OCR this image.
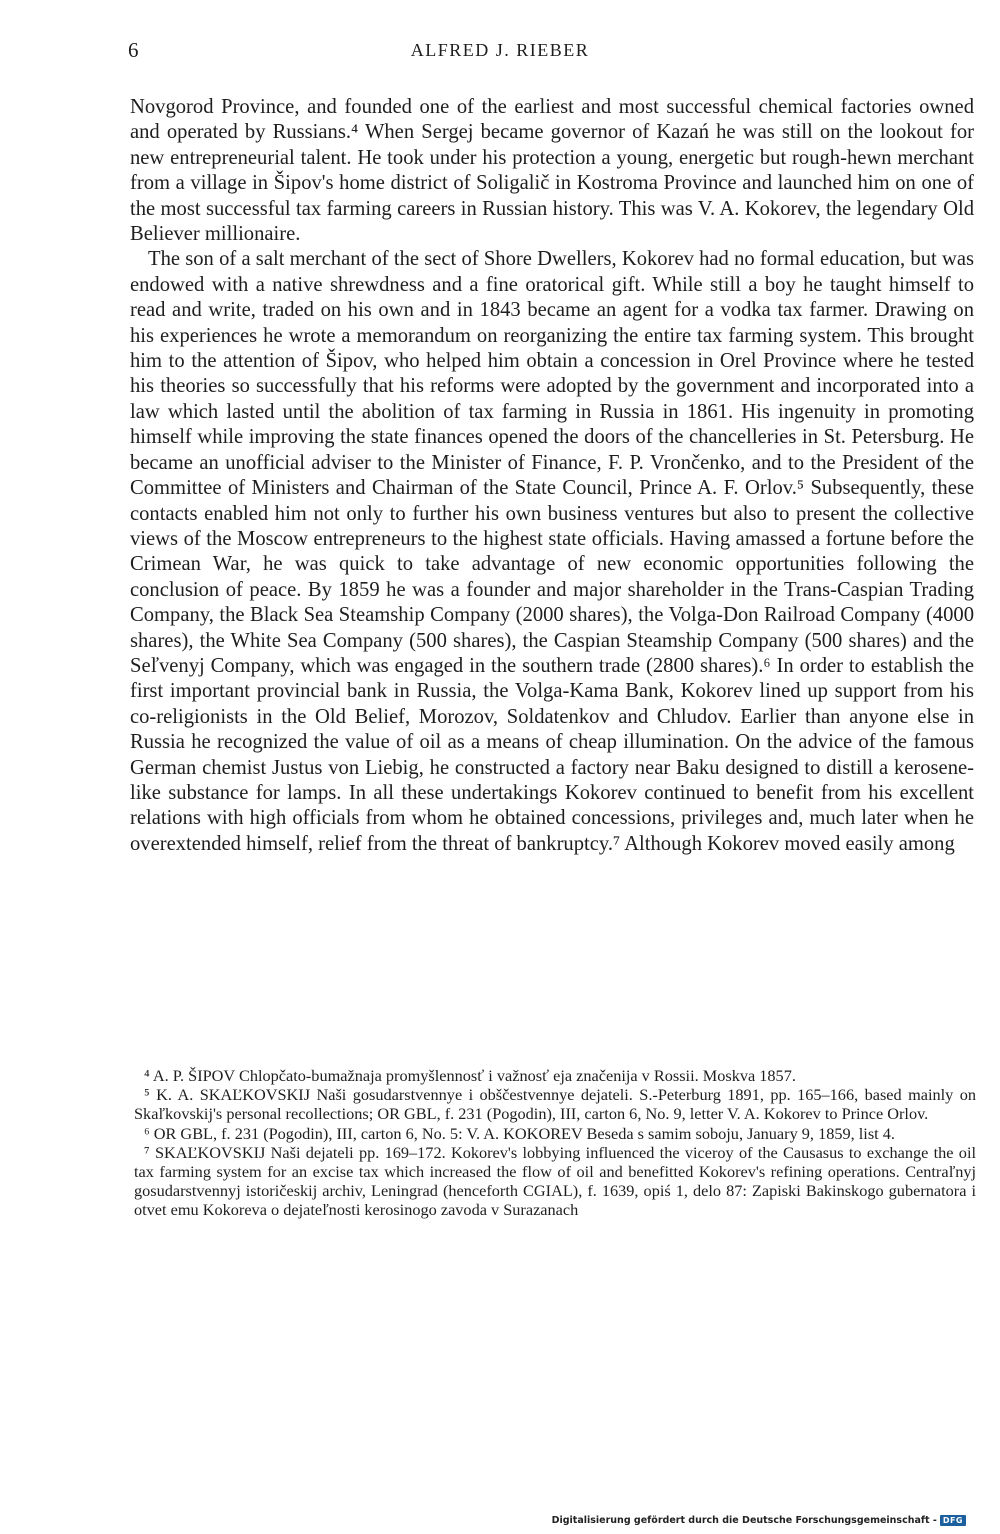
6	ALFRED J. RIEBER

Novgorod Province, and founded one of the earliest and most successful chemical factories owned and operated by Russians.⁴ When Sergej became governor of Kazań he was still on the lookout for new entrepreneurial talent. He took under his protection a young, energetic but rough-hewn merchant from a village in Šipov's home district of Soligalič in Kostroma Province and launched him on one of the most successful tax farming careers in Russian history. This was V. A. Kokorev, the legendary Old Believer millionaire.

The son of a salt merchant of the sect of Shore Dwellers, Kokorev had no formal education, but was endowed with a native shrewdness and a fine oratorical gift. While still a boy he taught himself to read and write, traded on his own and in 1843 became an agent for a vodka tax farmer. Drawing on his experiences he wrote a memorandum on reorganizing the entire tax farming system. This brought him to the attention of Šipov, who helped him obtain a concession in Orel Province where he tested his theories so successfully that his reforms were adopted by the government and incorporated into a law which lasted until the abolition of tax farming in Russia in 1861. His ingenuity in promoting himself while improving the state finances opened the doors of the chancelleries in St. Petersburg. He became an unofficial adviser to the Minister of Finance, F. P. Vrončenko, and to the President of the Committee of Ministers and Chairman of the State Council, Prince A. F. Orlov.⁵ Subsequently, these contacts enabled him not only to further his own business ventures but also to present the collective views of the Moscow entrepreneurs to the highest state officials. Having amassed a fortune before the Crimean War, he was quick to take advantage of new economic opportunities following the conclusion of peace. By 1859 he was a founder and major shareholder in the Trans-Caspian Trading Company, the Black Sea Steamship Company (2000 shares), the Volga-Don Railroad Company (4000 shares), the White Sea Company (500 shares), the Caspian Steamship Company (500 shares) and the Seľvenyj Company, which was engaged in the southern trade (2800 shares).⁶ In order to establish the first important provincial bank in Russia, the Volga-Kama Bank, Kokorev lined up support from his co-religionists in the Old Belief, Morozov, Soldatenkov and Chludov. Earlier than anyone else in Russia he recognized the value of oil as a means of cheap illumination. On the advice of the famous German chemist Justus von Liebig, he constructed a factory near Baku designed to distill a kerosene-like substance for lamps. In all these undertakings Kokorev continued to benefit from his excellent relations with high officials from whom he obtained concessions, privileges and, much later when he overextended himself, relief from the threat of bankruptcy.⁷ Although Kokorev moved easily among

⁴ A. P. ŠIPOV Chlopčato-bumažnaja promyšlennosť i važnosť eja značenija v Rossii. Moskva 1857.

⁵ K. A. SKAĽKOVSKIJ Naši gosudarstvennye i obščestvennye dejateli. S.-Peterburg 1891, pp. 165–166, based mainly on Skaľkovskij's personal recollections; OR GBL, f. 231 (Pogodin), III, carton 6, No. 9, letter V. A. Kokorev to Prince Orlov.

⁶ OR GBL, f. 231 (Pogodin), III, carton 6, No. 5: V. A. KOKOREV Beseda s samim soboju, January 9, 1859, list 4.

⁷ SKAĽKOVSKIJ Naši dejateli pp. 169–172. Kokorev's lobbying influenced the viceroy of the Causasus to exchange the oil tax farming system for an excise tax which increased the flow of oil and benefitted Kokorev's refining operations. Centraľnyj gosudarstvennyj istoričeskij archiv, Leningrad (henceforth CGIAL), f. 1639, opiś 1, delo 87: Zapiski Bakinskogo gubernatora i otvet emu Kokoreva o dejateľnosti kerosinogo zavoda v Surazanach

Digitalisierung gefördert durch die Deutsche Forschungsgemeinschaft - DFG
